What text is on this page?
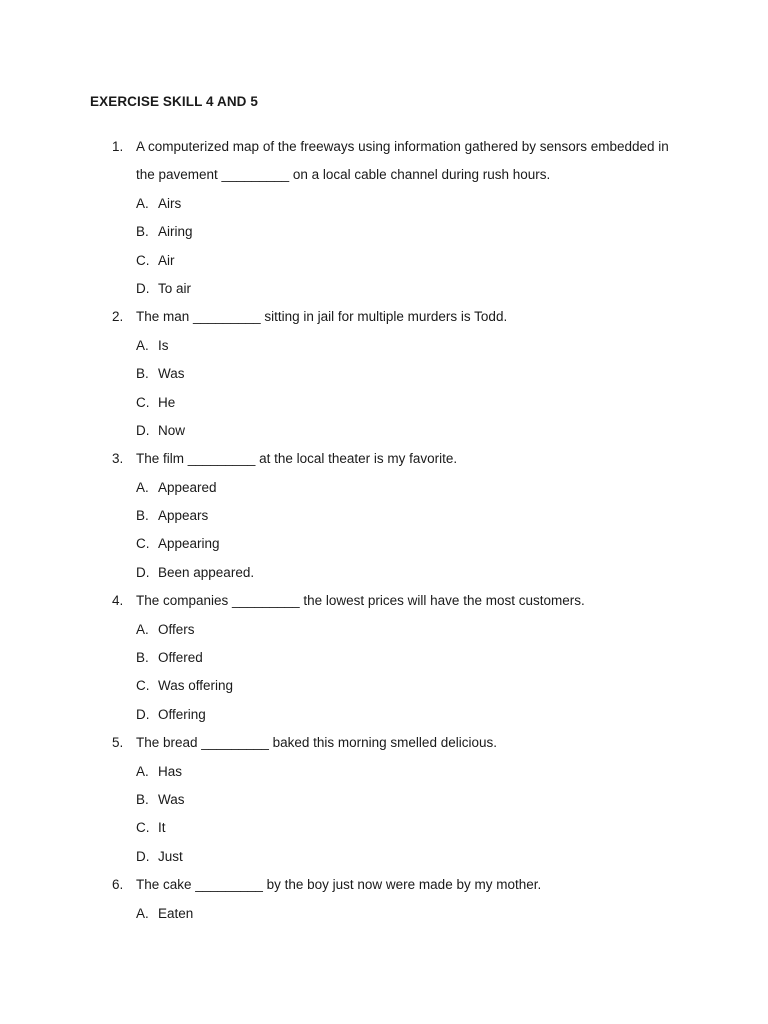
EXERCISE SKILL 4 AND 5
1. A computerized map of the freeways using information gathered by sensors embedded in
the pavement _________ on a local cable channel during rush hours.
A. Airs
B. Airing
C. Air
D. To air
2. The man _________ sitting in jail for multiple murders is Todd.
A. Is
B. Was
C. He
D. Now
3. The film _________ at the local theater is my favorite.
A. Appeared
B. Appears
C. Appearing
D. Been appeared.
4. The companies _________ the lowest prices will have the most customers.
A. Offers
B. Offered
C. Was offering
D. Offering
5. The bread _________ baked this morning smelled delicious.
A. Has
B. Was
C. It
D. Just
6. The cake _________ by the boy just now were made by my mother.
A. Eaten
